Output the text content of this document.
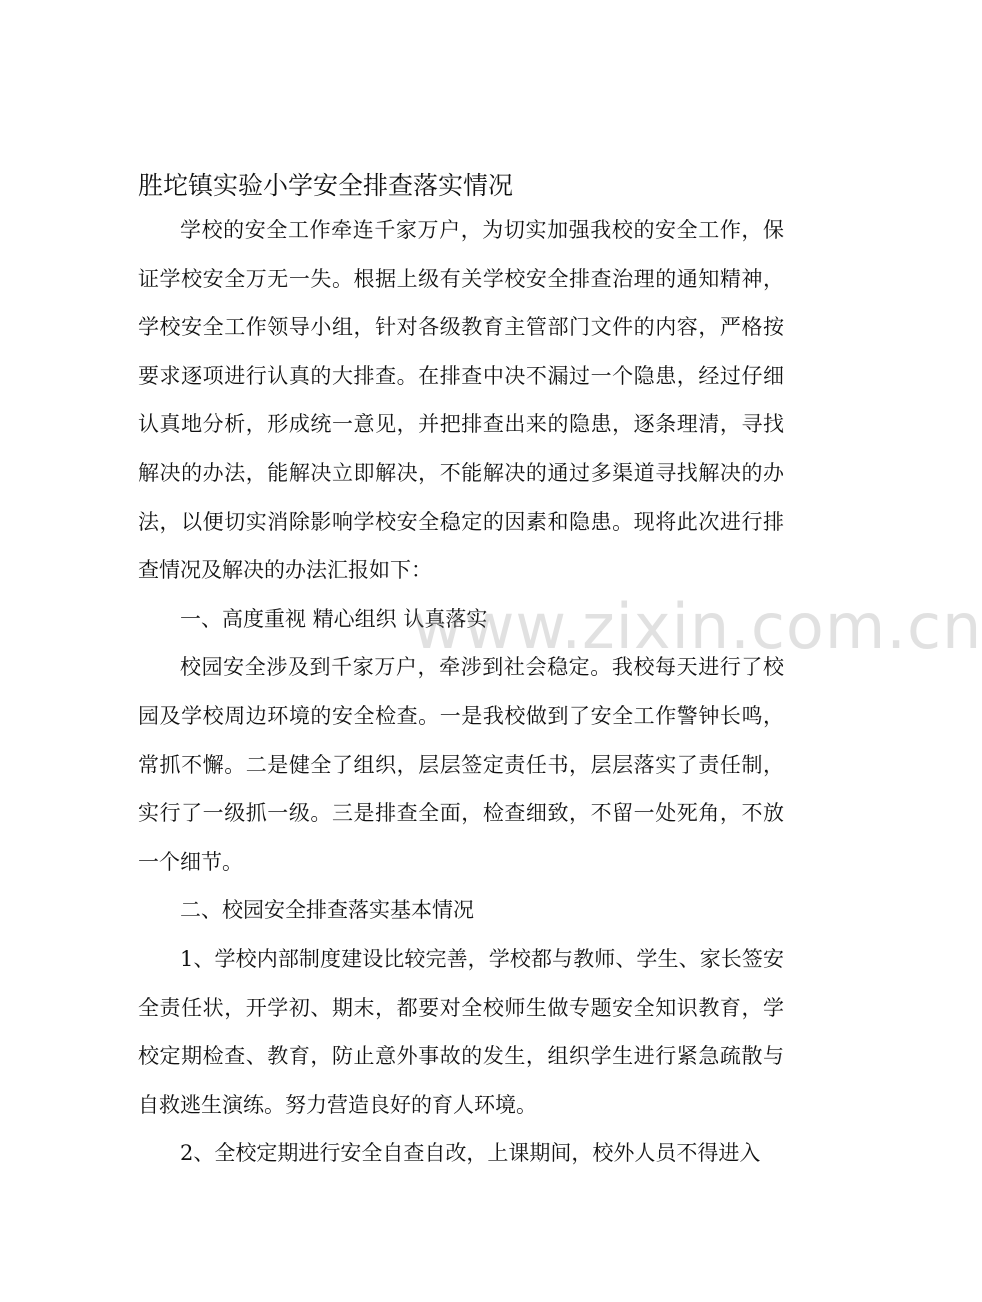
胜坨镇实验小学安全排查落实情况

学校的安全工作牵连千家万户，为切实加强我校的安全工作，保证学校安全万无一失。根据上级有关学校安全排查治理的通知精神，学校安全工作领导小组，针对各级教育主管部门文件的内容，严格按要求逐项进行认真的大排查。在排查中决不漏过一个隐患，经过仔细认真地分析，形成统一意见，并把排查出来的隐患，逐条理清，寻找解决的办法，能解决立即解决，不能解决的通过多渠道寻找解决的办法，以便切实消除影响学校安全稳定的因素和隐患。现将此次进行排查情况及解决的办法汇报如下：

一、高度重视 精心组织 认真落实

校园安全涉及到千家万户，牵涉到社会稳定。我校每天进行了校园及学校周边环境的安全检查。一是我校做到了安全工作警钟长鸣，常抓不懈。二是健全了组织，层层签定责任书，层层落实了责任制，实行了一级抓一级。三是排查全面，检查细致，不留一处死角，不放一个细节。

二、校园安全排查落实基本情况

1、学校内部制度建设比较完善，学校都与教师、学生、家长签安全责任状，开学初、期末，都要对全校师生做专题安全知识教育，学校定期检查、教育，防止意外事故的发生，组织学生进行紧急疏散与自救逃生演练。努力营造良好的育人环境。

2、全校定期进行安全自查自改，上课期间，校外人员不得进入

www.zixin.com.cn
